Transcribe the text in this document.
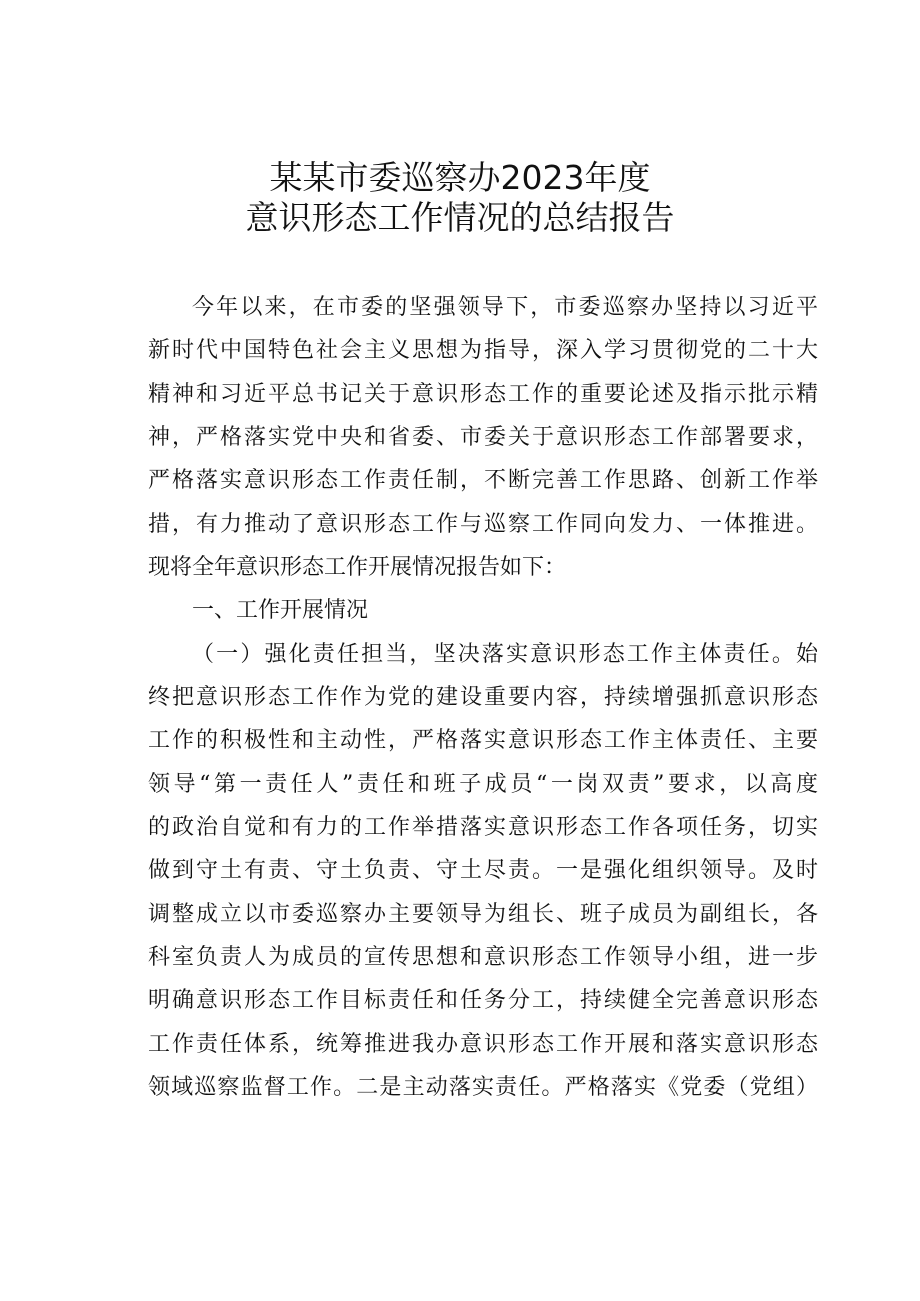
某某市委巡察办2023年度
意识形态工作情况的总结报告
今年以来，在市委的坚强领导下，市委巡察办坚持以习近平
新时代中国特色社会主义思想为指导，深入学习贯彻党的二十大
精神和习近平总书记关于意识形态工作的重要论述及指示批示精
神，严格落实党中央和省委、市委关于意识形态工作部署要求，
严格落实意识形态工作责任制，不断完善工作思路、创新工作举
措，有力推动了意识形态工作与巡察工作同向发力、一体推进。
现将全年意识形态工作开展情况报告如下：
一、工作开展情况
（一）强化责任担当，坚决落实意识形态工作主体责任。始
终把意识形态工作作为党的建设重要内容，持续增强抓意识形态
工作的积极性和主动性，严格落实意识形态工作主体责任、主要
领导“第一责任人”责任和班子成员“一岗双责”要求，以高度
的政治自觉和有力的工作举措落实意识形态工作各项任务，切实
做到守土有责、守土负责、守土尽责。一是强化组织领导。及时
调整成立以市委巡察办主要领导为组长、班子成员为副组长，各
科室负责人为成员的宣传思想和意识形态工作领导小组，进一步
明确意识形态工作目标责任和任务分工，持续健全完善意识形态
工作责任体系，统筹推进我办意识形态工作开展和落实意识形态
领域巡察监督工作。二是主动落实责任。严格落实《党委（党组）
